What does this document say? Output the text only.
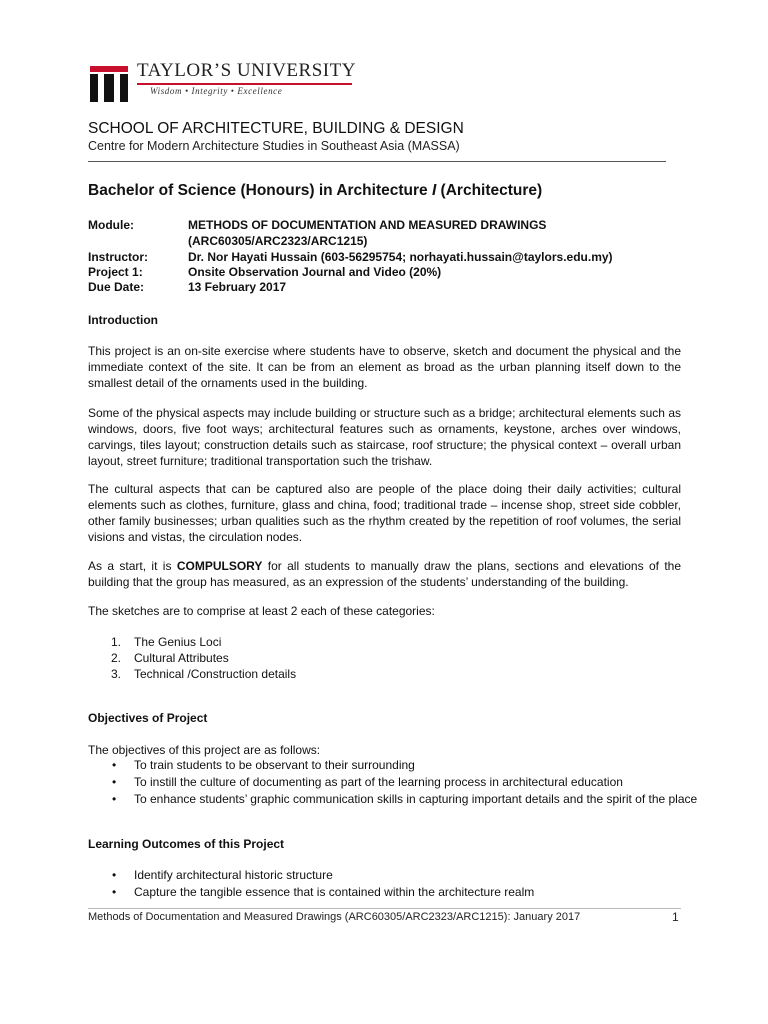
TAYLOR’S UNIVERSITY
Wisdom • Integrity • Excellence
SCHOOL OF ARCHITECTURE, BUILDING & DESIGN
Centre for Modern Architecture Studies in Southeast Asia (MASSA)
Bachelor of Science (Honours) in Architecture I (Architecture)
Module:	METHODS OF DOCUMENTATION AND MEASURED DRAWINGS
(ARC60305/ARC2323/ARC1215)
Instructor:	Dr. Nor Hayati Hussain (603-56295754; norhayati.hussain@taylors.edu.my)
Project 1:	Onsite Observation Journal and Video (20%)
Due Date:	13 February 2017
Introduction
This project is an on-site exercise where students have to observe, sketch and document the physical and the immediate context of the site. It can be from an element as broad as the urban planning itself down to the smallest detail of the ornaments used in the building.
Some of the physical aspects may include building or structure such as a bridge; architectural elements such as windows, doors, five foot ways; architectural features such as ornaments, keystone, arches over windows, carvings, tiles layout; construction details such as staircase, roof structure; the physical context – overall urban layout, street furniture; traditional transportation such the trishaw.
The cultural aspects that can be captured also are people of the place doing their daily activities; cultural elements such as clothes, furniture, glass and china, food; traditional trade – incense shop, street side cobbler, other family businesses; urban qualities such as the rhythm created by the repetition of roof volumes, the serial visions and vistas, the circulation nodes.
As a start, it is COMPULSORY for all students to manually draw the plans, sections and elevations of the building that the group has measured, as an expression of the students’ understanding of the building.
The sketches are to comprise at least 2 each of these categories:
1.	The Genius Loci
2.	Cultural Attributes
3.	Technical /Construction details
Objectives of Project
The objectives of this project are as follows:
•	To train students to be observant to their surrounding
•	To instill the culture of documenting as part of the learning process in architectural education
•	To enhance students’ graphic communication skills in capturing important details and the spirit of the place
Learning Outcomes of this Project
•	Identify architectural historic structure
•	Capture the tangible essence that is contained within the architecture realm
Methods of Documentation and Measured Drawings (ARC60305/ARC2323/ARC1215): January 2017	1
